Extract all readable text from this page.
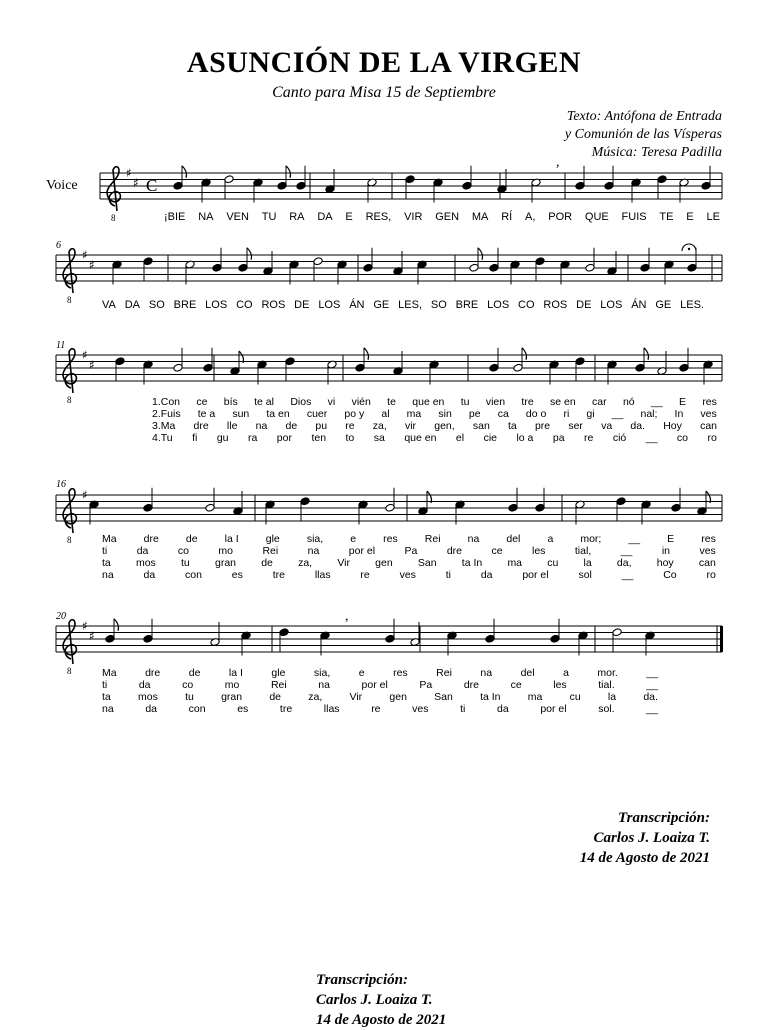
ASUNCIÓN DE LA VIRGEN
Canto para Misa 15 de Septiembre
Texto: Antófona de Entrada
y Comunión de las Vísperas
Música: Teresa Padilla
Voice
8
♯
♯ C
8
♯
♯
8
♯
♯
8
♯
8
♯
♯
,
,
6
11
16
20
¡BIE NA VEN TU RA DA E RES, VIR GEN MA RÍ A, POR QUE FUIS TE E LE
VA DA SO BRE LOS CO ROS DE LOS ÁN GE LES, SO BRE LOS CO ROS DE LOS ÁN GE LES.
1.Con ce bís te al Dios vi vién te que en tu vien tre se en car nó __ E res
2.Fuis te a sun ta en cuer po y al ma sin pe ca do o ri gi __ nal; In ves
3.Ma dre lle na de pu re za, vir gen, san ta pre ser va da. Hoy can
4.Tu fi gu ra por ten to sa que en el cie lo a pa re ció __ co ro
Ma	dre	de	la I	gle	sia,	e	res	Rei	na	del	a	mor;	__	E	res
ti	da	co	mo	Rei	na	por el	Pa	dre	ce	les	tial,	__	in	ves
ta mos tu gran de za, Vir gen San ta In ma cu la da, hoy can
na	da	con	es	tre	llas	re	ves	ti	da	por el	sol	__	Co	ro
Ma	dre	de	la I	gle	sia,	e	res	Rei	na	del	a	mor.	__
ti	da	co	mo	Rei	na	por el	Pa	dre	ce	les	tial.	__
ta	mos	tu	gran	de	za,	Vir	gen	San	ta In	ma	cu	la	da.
na	da	con	es	tre	llas	re	ves	ti	da	por el	sol.	__
Transcripción:
Carlos J. Loaiza T.
14 de Agosto de 2021
Transcripción:
Carlos J. Loaiza T.
14 de Agosto de 2021
